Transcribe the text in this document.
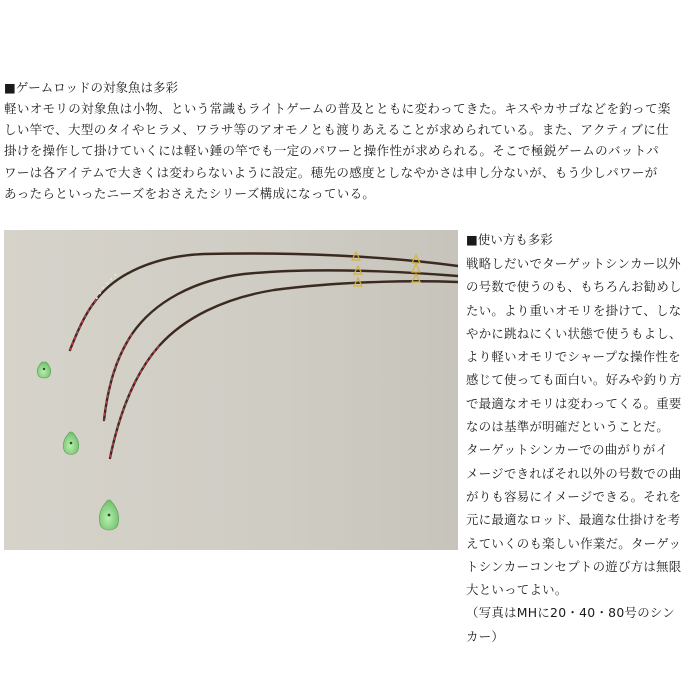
■ゲームロッドの対象魚は多彩
軽いオモリの対象魚は小物、という常識もライトゲームの普及とともに変わってきた。キスやカサゴなどを釣って楽
しい竿で、大型のタイやヒラメ、ワラサ等のアオモノとも渡りあえることが求められている。また、アクティブに仕
掛けを操作して掛けていくには軽い錘の竿でも一定のパワーと操作性が求められる。そこで極鋭ゲームのバットパ
ワーは各アイテムで大きくは変わらないように設定。穂先の感度としなやかさは申し分ないが、もう少しパワーが
あったらといったニーズをおさえたシリーズ構成になっている。
■使い方も多彩
戦略しだいでターゲットシンカー以外
の号数で使うのも、もちろんお勧めし
たい。より重いオモリを掛けて、しな
やかに跳ねにくい状態で使うもよし、
より軽いオモリでシャープな操作性を
感じて使っても面白い。好みや釣り方
で最適なオモリは変わってくる。重要
なのは基準が明確だということだ。
ターゲットシンカーでの曲がりがイ
メージできればそれ以外の号数での曲
がりも容易にイメージできる。それを
元に最適なロッド、最適な仕掛けを考
えていくのも楽しい作業だ。ターゲッ
トシンカーコンセプトの遊び方は無限
大といってよい。
（写真はMHに20・40・80号のシン
カー）
